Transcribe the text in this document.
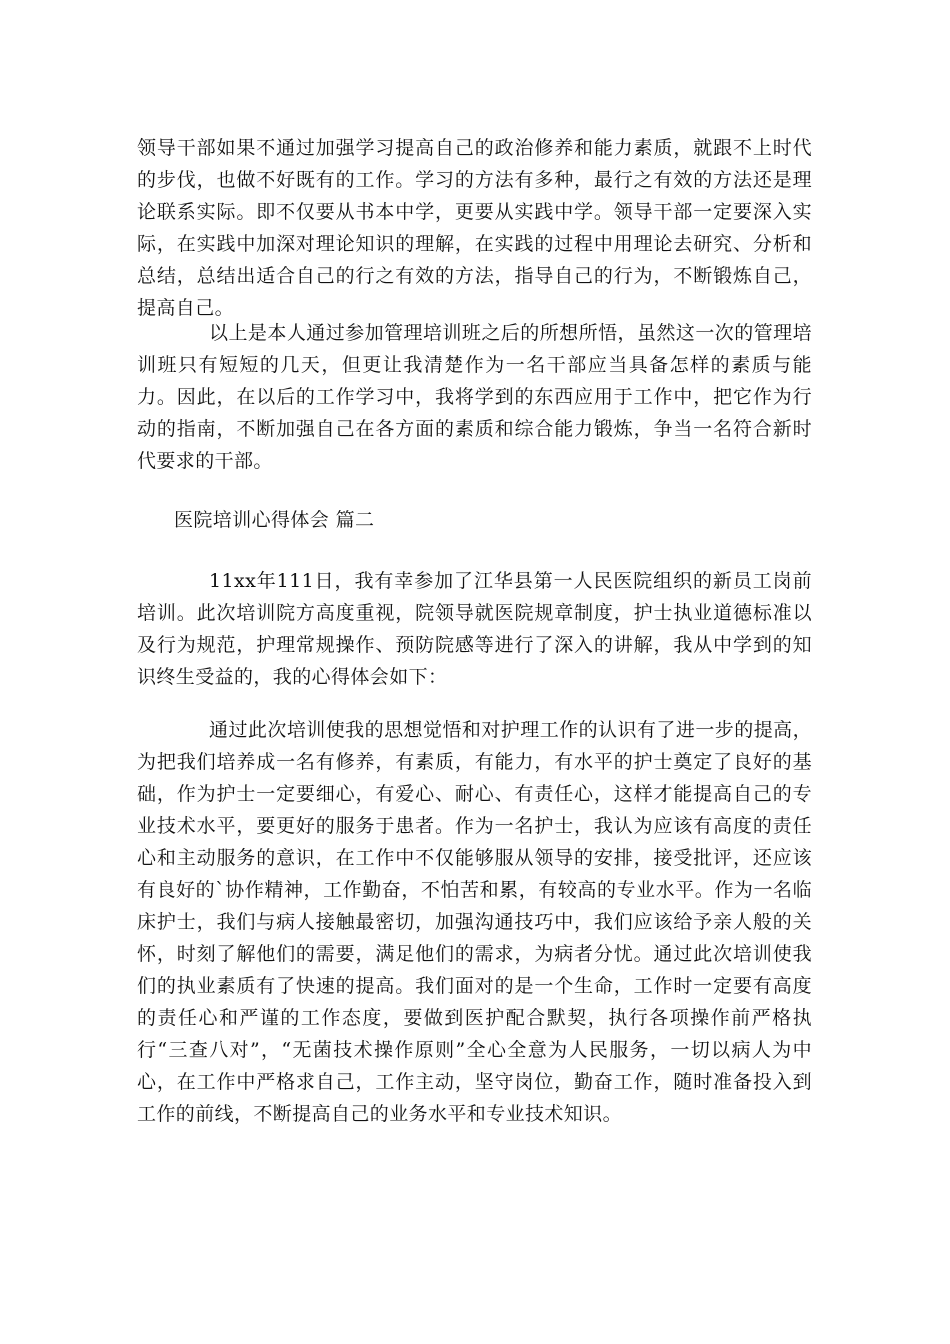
领导干部如果不通过加强学习提高自己的政治修养和能力素质，就跟不上时代的步伐，也做不好既有的工作。学习的方法有多种，最行之有效的方法还是理论联系实际。即不仅要从书本中学，更要从实践中学。领导干部一定要深入实际，在实践中加深对理论知识的理解，在实践的过程中用理论去研究、分析和总结，总结出适合自己的行之有效的方法，指导自己的行为，不断锻炼自己，提高自己。

以上是本人通过参加管理培训班之后的所想所悟，虽然这一次的管理培训班只有短短的几天，但更让我清楚作为一名干部应当具备怎样的素质与能力。因此，在以后的工作学习中，我将学到的东西应用于工作中，把它作为行动的指南，不断加强自己在各方面的素质和综合能力锻炼，争当一名符合新时代要求的干部。

医院培训心得体会 篇二

11xx年111日，我有幸参加了江华县第一人民医院组织的新员工岗前培训。此次培训院方高度重视，院领导就医院规章制度，护士执业道德标准以及行为规范，护理常规操作、预防院感等进行了深入的讲解，我从中学到的知识终生受益的，我的心得体会如下：

通过此次培训使我的思想觉悟和对护理工作的认识有了进一步的提高，为把我们培养成一名有修养，有素质，有能力，有水平的护士奠定了良好的基础，作为护士一定要细心，有爱心、耐心、有责任心，这样才能提高自己的专业技术水平，要更好的服务于患者。作为一名护士，我认为应该有高度的责任心和主动服务的意识，在工作中不仅能够服从领导的安排，接受批评，还应该有良好的`协作精神，工作勤奋，不怕苦和累，有较高的专业水平。作为一名临床护士，我们与病人接触最密切，加强沟通技巧中，我们应该给予亲人般的关怀，时刻了解他们的需要，满足他们的需求，为病者分忧。通过此次培训使我们的执业素质有了快速的提高。我们面对的是一个生命，工作时一定要有高度的责任心和严谨的工作态度，要做到医护配合默契，执行各项操作前严格执行“三查八对”，“无菌技术操作原则”全心全意为人民服务，一切以病人为中心，在工作中严格求自己，工作主动，坚守岗位，勤奋工作，随时准备投入到工作的前线，不断提高自己的业务水平和专业技术知识。
